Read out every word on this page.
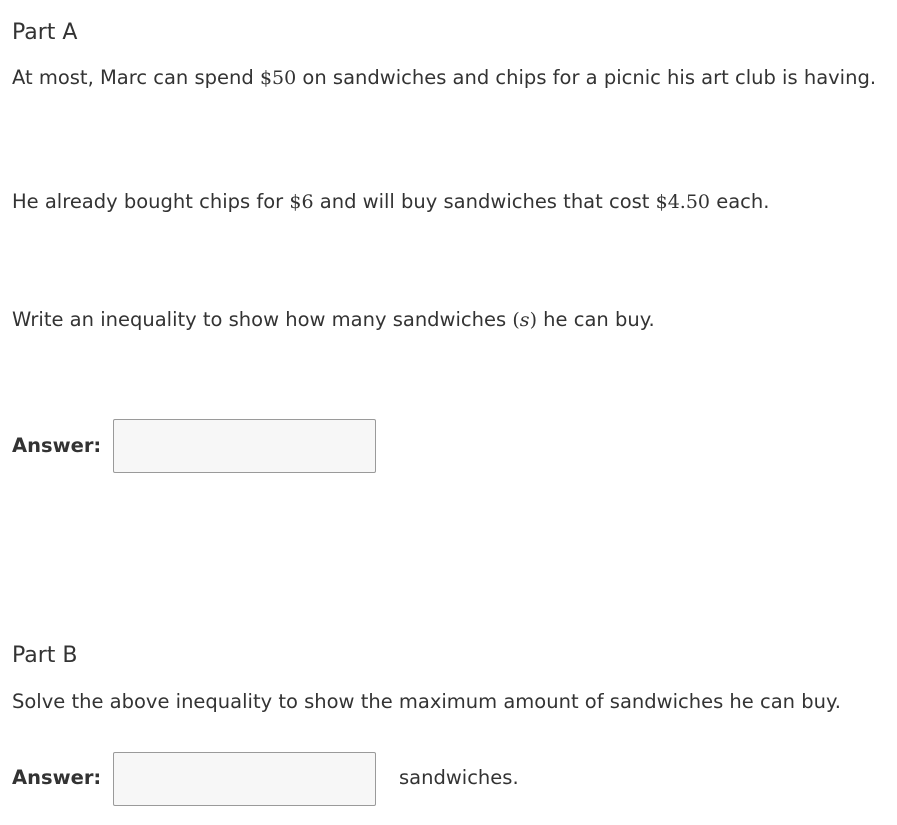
Part A

At most, Marc can spend $50 on sandwiches and chips for a picnic his art club is having.

He already bought chips for $6 and will buy sandwiches that cost $4.50 each.

Write an inequality to show how many sandwiches (s) he can buy.

Answer:
Part B

Solve the above inequality to show the maximum amount of sandwiches he can buy.

Answer:	sandwiches.
